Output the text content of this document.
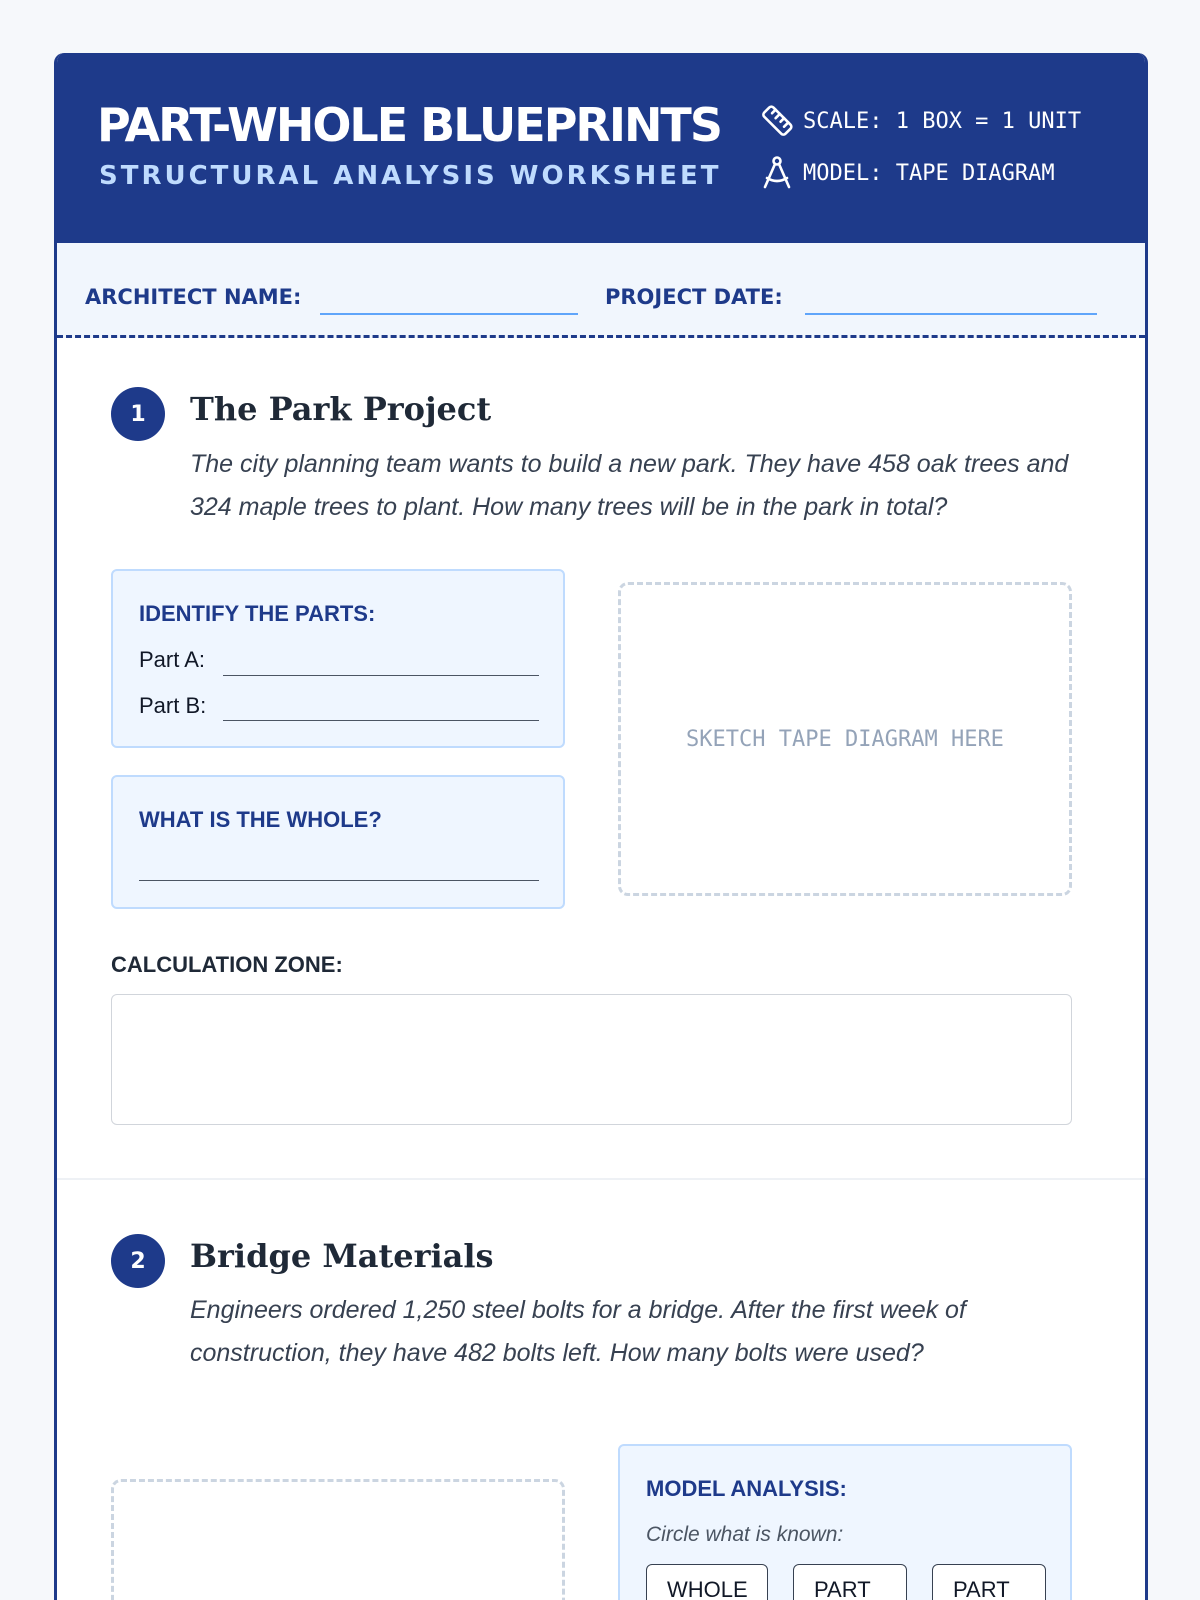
PART-WHOLE BLUEPRINTS
STRUCTURAL ANALYSIS WORKSHEET
SCALE: 1 BOX = 1 UNIT
MODEL: TAPE DIAGRAM
ARCHITECT NAME:	PROJECT DATE:
1	The Park Project
The city planning team wants to build a new park. They have 458 oak trees and 324 maple trees to plant. How many trees will be in the park in total?
IDENTIFY THE PARTS:
Part A:
Part B:
WHAT IS THE WHOLE?
SKETCH TAPE DIAGRAM HERE
CALCULATION ZONE:
2	Bridge Materials
Engineers ordered 1,250 steel bolts for a bridge. After the first week of construction, they have 482 bolts left. How many bolts were used?
MODEL ANALYSIS:
Circle what is known:
WHOLE	PART	PART
